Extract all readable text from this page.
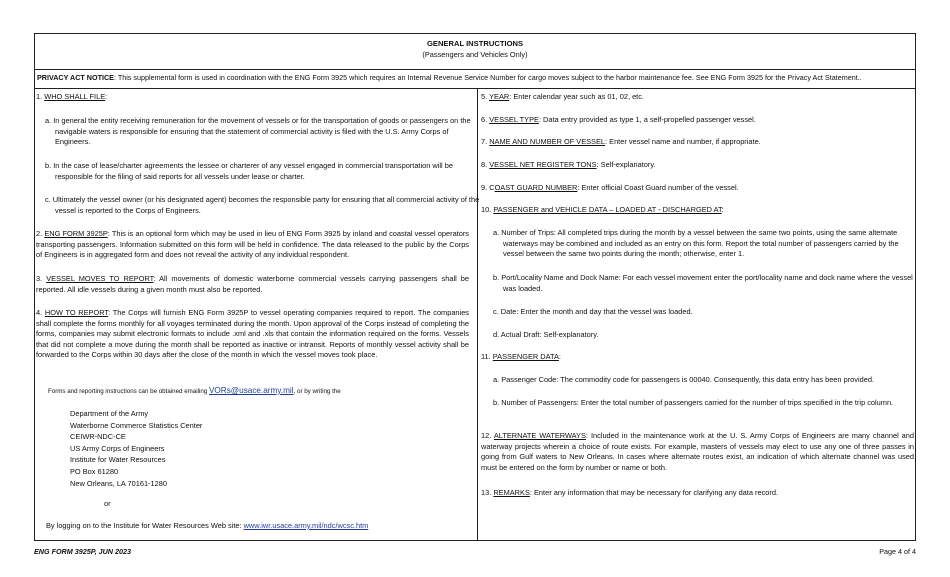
GENERAL INSTRUCTIONS
(Passengers and Vehicles Only)
PRIVACY ACT NOTICE: This supplemental form is used in coordination with the ENG Form 3925 which requires an Internal Revenue Service Number for cargo moves subject to the harbor maintenance fee. See ENG Form 3925 for the Privacy Act Statement..
1. WHO SHALL FILE:
a. In general the entity receiving remuneration for the movement of vessels or for the transportation of goods or passengers on the navigable waters is responsible for ensuring that the statement of commercial activity is filed with the U.S. Army Corps of Engineers.
b. In the case of lease/charter agreements the lessee or charterer of any vessel engaged in commercial transportation will be responsible for the filing of said reports for all vessels under lease or charter.
c. Ultimately the vessel owner (or his designated agent) becomes the responsible party for ensuring that all commercial activity of the vessel is reported to the Corps of Engineers.
2. ENG FORM 3925P: This is an optional form which may be used in lieu of ENG Form 3925 by inland and coastal vessel operators transporting passengers. Information submitted on this form will be held in confidence. The data released to the public by the Corps of Engineers is in aggregated form and does not reveal the activity of any individual respondent.
3. VESSEL MOVES TO REPORT: All movements of domestic waterborne commercial vessels carrying passengers shall be reported. All idle vessels during a given month must also be reported.
4. HOW TO REPORT: The Corps will furnish ENG Form 3925P to vessel operating companies required to report. The companies shall complete the forms monthly for all voyages terminated during the month. Upon approval of the Corps instead of completing the forms, companies may submit electronic formats to include .xml and .xls that contain the information required on the forms. Vessels that did not complete a move during the month shall be reported as inactive or intransit. Reports of monthly vessel activity shall be forwarded to the Corps within 30 days after the close of the month in which the vessel moves took place.
Forms and reporting instructions can be obtained emailing VORs@usace.army.mil, or by writing the
Department of the Army
Waterborne Commerce Statistics Center
CEIWR-NDC-CE
US Army Corps of Engineers
Institute for Water Resources
PO Box 61280
New Orleans, LA 70161-1280
or
By logging on to the Institute for Water Resources Web site: www.iwr.usace.army.mil/ndc/wcsc.htm
5. YEAR: Enter calendar year such as 01, 02, etc.
6. VESSEL TYPE: Data entry provided as type 1, a self-propelled passenger vessel.
7. NAME AND NUMBER OF VESSEL: Enter vessel name and number, if appropriate.
8. VESSEL NET REGISTER TONS: Self-explanatory.
9. COAST GUARD NUMBER: Enter official Coast Guard number of the vessel.
10. PASSENGER and VEHICLE DATA – LOADED AT - DISCHARGED AT:
a. Number of Trips: All completed trips during the month by a vessel between the same two points, using the same alternate waterways may be combined and included as an entry on this form. Report the total number of passengers carried by the vessel between the same two points during the month; otherwise, enter 1.
b. Port/Locality Name and Dock Name: For each vessel movement enter the port/locality name and dock name where the vessel was loaded.
c. Date: Enter the month and day that the vessel was loaded.
d. Actual Draft: Self-explanatory.
11. PASSENGER DATA:
a. Passenger Code: The commodity code for passengers is 00040. Consequently, this data entry has been provided.
b. Number of Passengers: Enter the total number of passengers carried for the number of trips specified in the trip column.
12. ALTERNATE WATERWAYS: Included in the maintenance work at the U. S. Army Corps of Engineers are many channel and waterway projects wherein a choice of route exists. For example, masters of vessels may elect to use any one of three passes in going from Gulf waters to New Orleans. In cases where alternate routes exist, an indication of which alternate channel was used must be entered on the form by number or name or both.
13. REMARKS: Enter any information that may be necessary for clarifying any data record.
ENG FORM 3925P, JUN 2023	Page 4 of 4
